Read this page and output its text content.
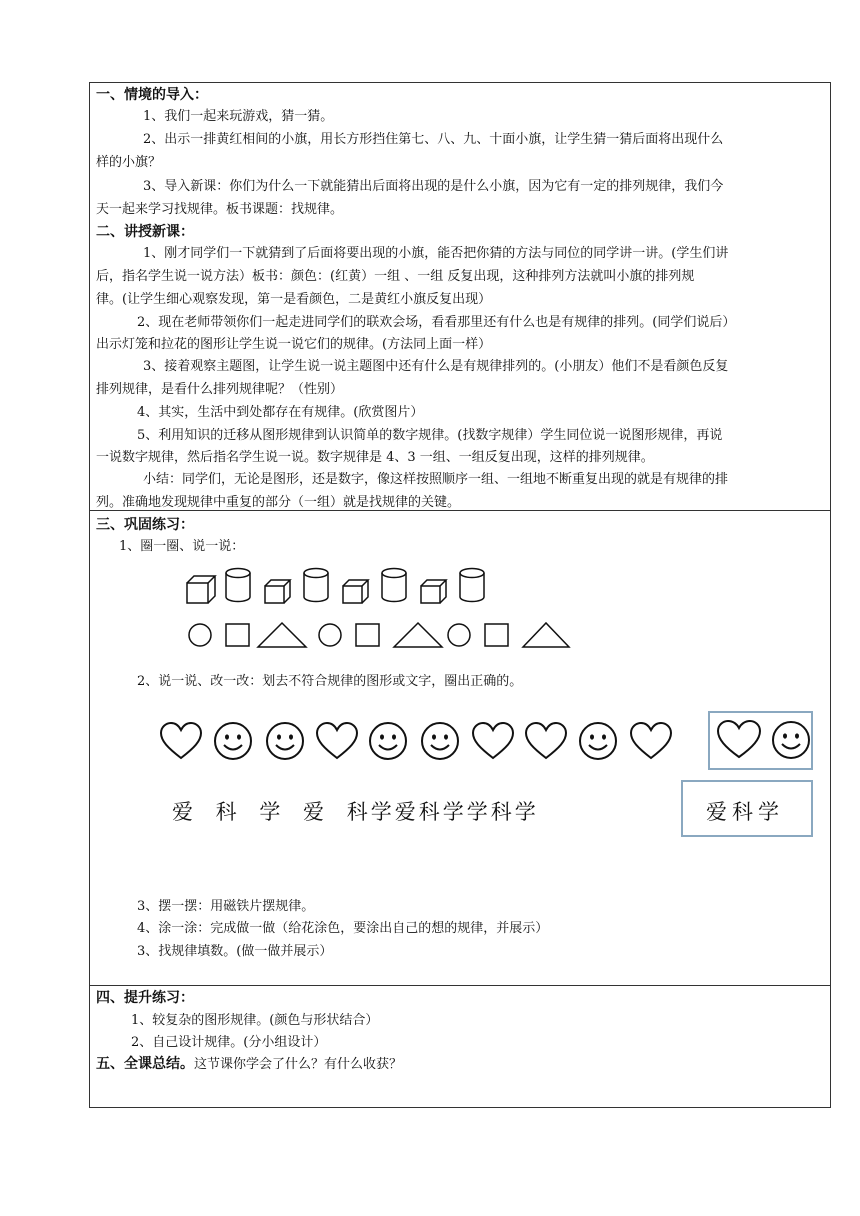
一、情境的导入：
1、我们一起来玩游戏，猜一猜。
2、出示一排黄红相间的小旗，用长方形挡住第七、八、九、十面小旗，让学生猜一猜后面将出现什么
样的小旗？
3、导入新课：你们为什么一下就能猜出后面将出现的是什么小旗，因为它有一定的排列规律，我们今
天一起来学习找规律。板书课题：找规律。
二、讲授新课：
1、刚才同学们一下就猜到了后面将要出现的小旗，能否把你猜的方法与同位的同学讲一讲。(学生们讲
后，指名学生说一说方法）板书：颜色：(红黄）一组 、一组 反复出现，这种排列方法就叫小旗的排列规
律。(让学生细心观察发现，第一是看颜色，二是黄红小旗反复出现）
2、现在老师带领你们一起走进同学们的联欢会场，看看那里还有什么也是有规律的排列。(同学们说后）
出示灯笼和拉花的图形让学生说一说它们的规律。(方法同上面一样）
3、接着观察主题图，让学生说一说主题图中还有什么是有规律排列的。(小朋友）他们不是看颜色反复
排列规律，是看什么排列规律呢？（性别）
4、其实，生活中到处都存在有规律。(欣赏图片）
5、利用知识的迁移从图形规律到认识简单的数字规律。(找数字规律）学生同位说一说图形规律，再说
一说数字规律，然后指名学生说一说。数字规律是 4、3 一组、一组反复出现，这样的排列规律。
小结：同学们，无论是图形，还是数字，像这样按照顺序一组、一组地不断重复出现的就是有规律的排
列。准确地发现规律中重复的部分（一组）就是找规律的关键。
三、巩固练习：
1、圈一圈、说一说：
2、说一说、改一改：划去不符合规律的图形或文字，圈出正确的。
爱 科 学 爱 科学爱科学学科学	爱科学
3、摆一摆：用磁铁片摆规律。
4、涂一涂：完成做一做（给花涂色，要涂出自己的想的规律，并展示）
3、找规律填数。(做一做并展示）
四、提升练习：
1、较复杂的图形规律。(颜色与形状结合）
2、自己设计规律。(分小组设计）
五、全课总结。这节课你学会了什么？有什么收获？
